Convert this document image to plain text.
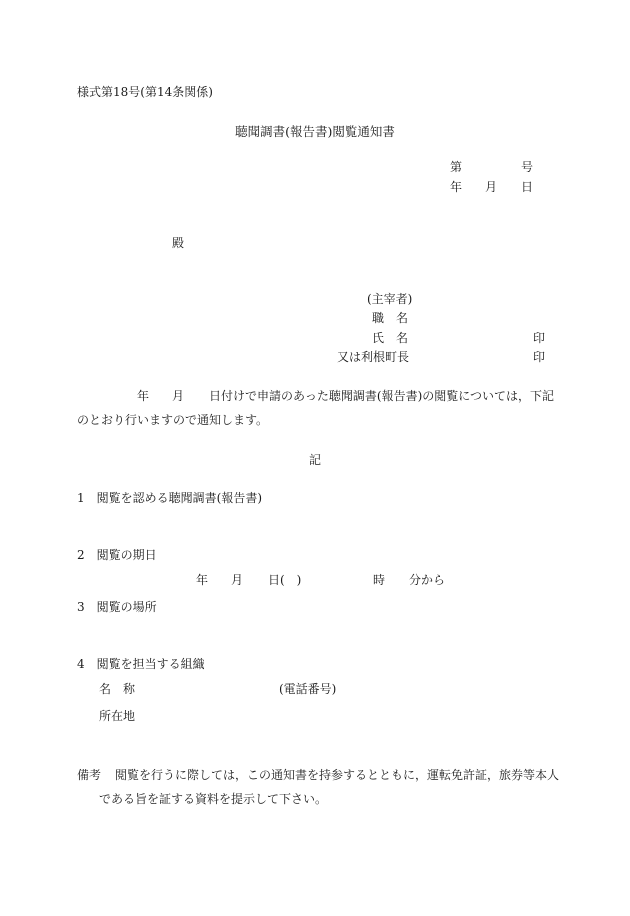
様式第18号(第14条関係)
聴聞調書(報告書)閲覧通知書
第	号
年 月 日
殿
(主宰者)
職　名
氏　名	印
又は利根町長	印
年 月 日付けで申請のあった聴聞調書(報告書)の閲覧については，下記
のとおり行いますので通知します。
記
1　閲覧を認める聴聞調書(報告書)
2　閲覧の期日
年 月 日(　)	時 分から
3　閲覧の場所
4　閲覧を担当する組織
名　称	(電話番号)
所在地
備考 閲覧を行うに際しては，この通知書を持参するとともに，運転免許証，旅券等本人
である旨を証する資料を提示して下さい。
